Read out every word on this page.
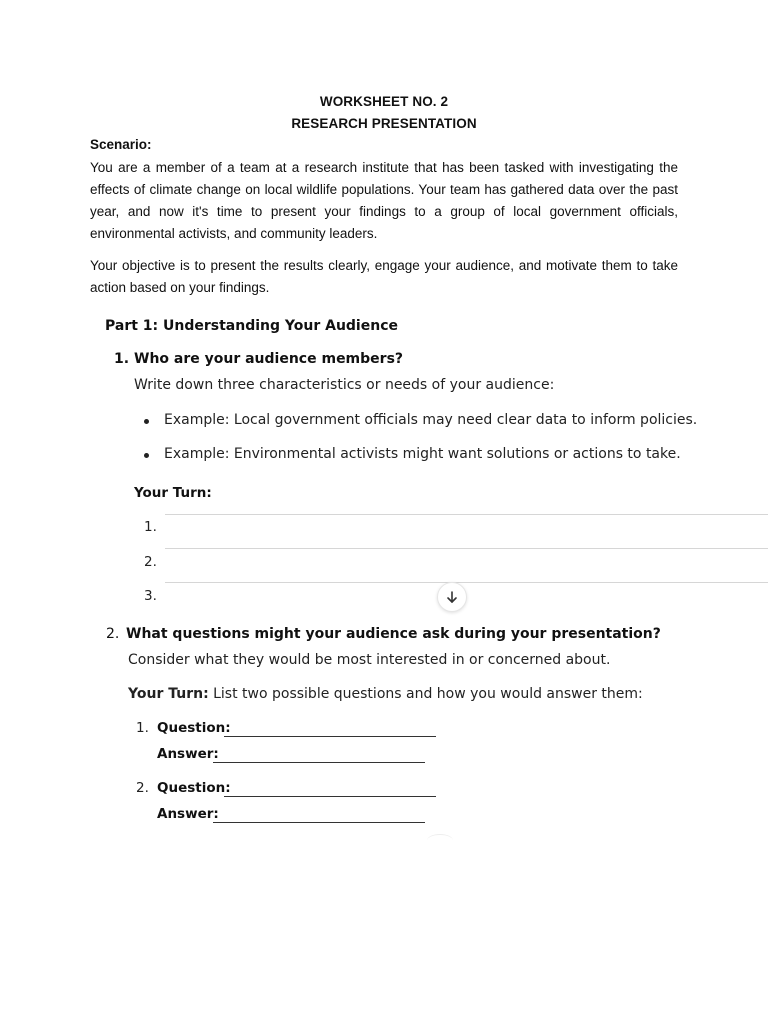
WORKSHEET NO. 2
RESEARCH PRESENTATION
Scenario:
You are a member of a team at a research institute that has been tasked with investigating the effects of climate change on local wildlife populations. Your team has gathered data over the past year, and now it's time to present your findings to a group of local government officials, environmental activists, and community leaders.
Your objective is to present the results clearly, engage your audience, and motivate them to take action based on your findings.
Part 1: Understanding Your Audience
1. Who are your audience members?
Write down three characteristics or needs of your audience:
Example: Local government officials may need clear data to inform policies.
Example: Environmental activists might want solutions or actions to take.
Your Turn:
1.
2.
3.
2. What questions might your audience ask during your presentation?
Consider what they would be most interested in or concerned about.
Your Turn: List two possible questions and how you would answer them:
1. Question:
Answer:
2. Question:
Answer:
